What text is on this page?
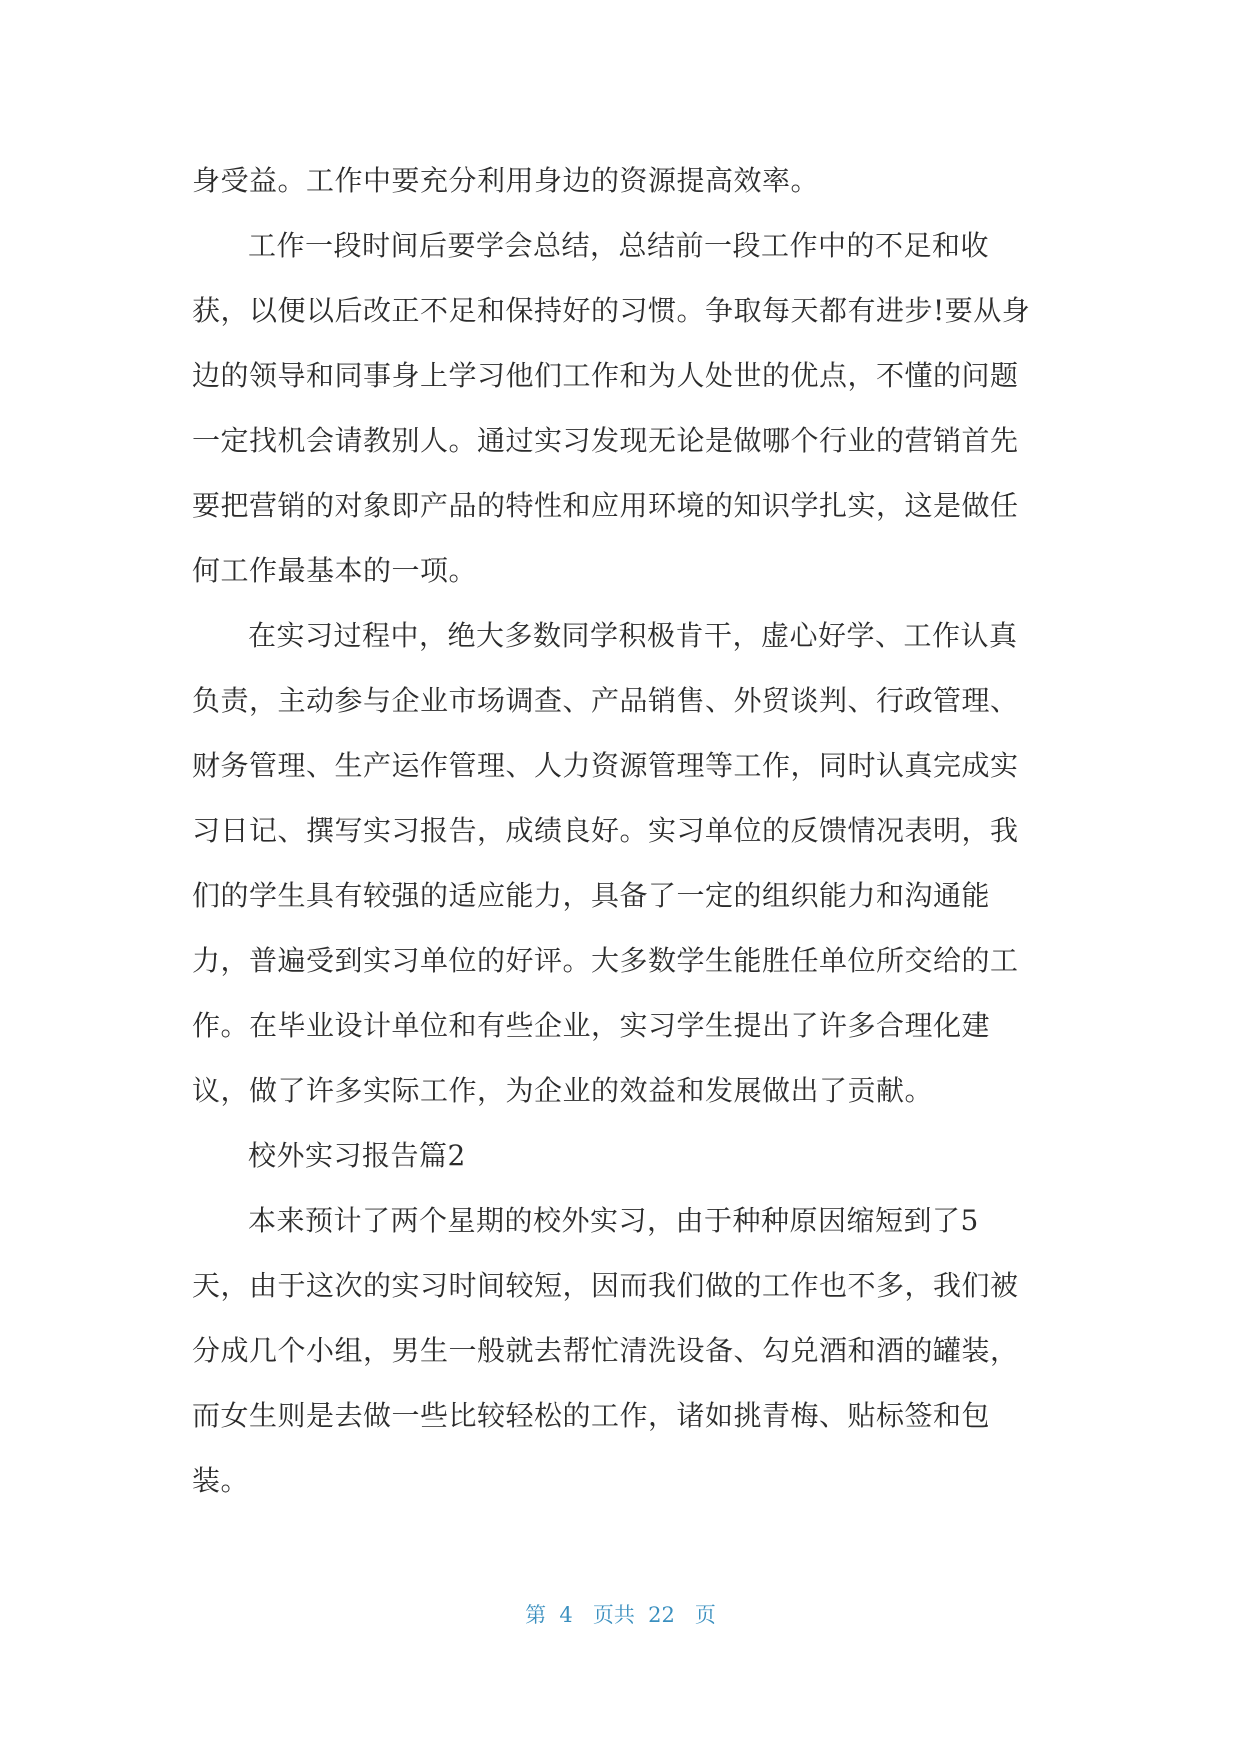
身受益。工作中要充分利用身边的资源提高效率。
工作一段时间后要学会总结，总结前一段工作中的不足和收
获，以便以后改正不足和保持好的习惯。争取每天都有进步!要从身
边的领导和同事身上学习他们工作和为人处世的优点，不懂的问题
一定找机会请教别人。通过实习发现无论是做哪个行业的营销首先
要把营销的对象即产品的特性和应用环境的知识学扎实，这是做任
何工作最基本的一项。
在实习过程中，绝大多数同学积极肯干，虚心好学、工作认真
负责，主动参与企业市场调查、产品销售、外贸谈判、行政管理、
财务管理、生产运作管理、人力资源管理等工作，同时认真完成实
习日记、撰写实习报告，成绩良好。实习单位的反馈情况表明，我
们的学生具有较强的适应能力，具备了一定的组织能力和沟通能
力，普遍受到实习单位的好评。大多数学生能胜任单位所交给的工
作。在毕业设计单位和有些企业，实习学生提出了许多合理化建
议，做了许多实际工作，为企业的效益和发展做出了贡献。
校外实习报告篇2
本来预计了两个星期的校外实习，由于种种原因缩短到了5
天，由于这次的实习时间较短，因而我们做的工作也不多，我们被
分成几个小组，男生一般就去帮忙清洗设备、勾兑酒和酒的罐装，
而女生则是去做一些比较轻松的工作，诸如挑青梅、贴标签和包
装。
第  4   页共  22   页
